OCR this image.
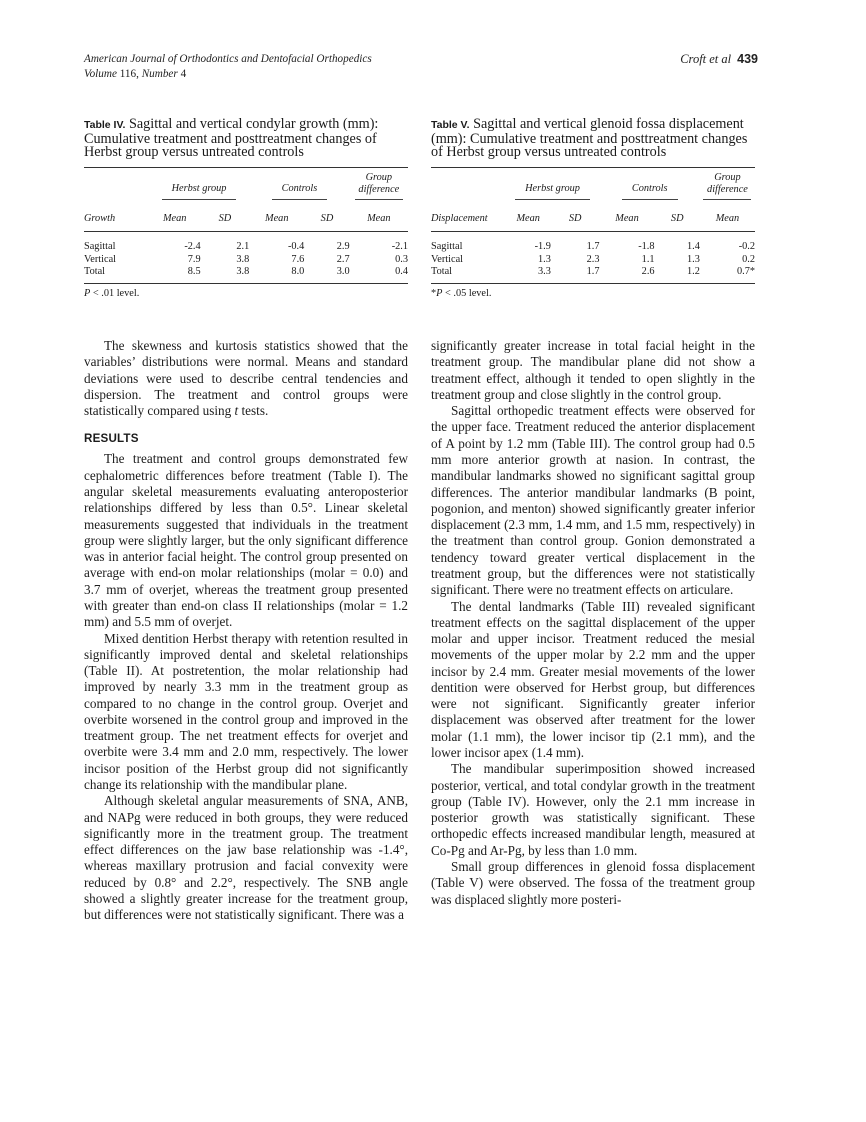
American Journal of Orthodontics and Dentofacial Orthopedics
Volume 116, Number 4
Croft et al 439
Table IV. Sagittal and vertical condylar growth (mm): Cumulative treatment and posttreatment changes of Herbst group versus untreated controls

	Herbst group		Controls		Group difference
Growth	Mean	SD	Mean	SD	Mean
Sagittal	-2.4	2.1	-0.4	2.9	-2.1
Vertical	7.9	3.8	7.6	2.7	0.3
Total	8.5	3.8	8.0	3.0	0.4
P < .01 level.
Table V. Sagittal and vertical glenoid fossa displacement (mm): Cumulative treatment and posttreatment changes of Herbst group versus untreated controls

	Herbst group		Controls		Group difference
Displacement	Mean	SD	Mean	SD	Mean
Sagittal	-1.9	1.7	-1.8	1.4	-0.2
Vertical	1.3	2.3	1.1	1.3	0.2
Total	3.3	1.7	2.6	1.2	0.7*
*P < .05 level.

The skewness and kurtosis statistics showed that the variables’ distributions were normal. Means and standard deviations were used to describe central tendencies and dispersion. The treatment and control groups were statistically compared using t tests.

RESULTS

The treatment and control groups demonstrated few cephalometric differences before treatment (Table I). The angular skeletal measurements evaluating anteroposterior relationships differed by less than 0.5°. Linear skeletal measurements suggested that individuals in the treatment group were slightly larger, but the only significant difference was in anterior facial height. The control group presented on average with end-on molar relationships (molar = 0.0) and 3.7 mm of overjet, whereas the treatment group presented with greater than end-on class II relationships (molar = 1.2 mm) and 5.5 mm of overjet.

Mixed dentition Herbst therapy with retention resulted in significantly improved dental and skeletal relationships (Table II). At postretention, the molar relationship had improved by nearly 3.3 mm in the treatment group as compared to no change in the control group. Overjet and overbite worsened in the control group and improved in the treatment group. The net treatment effects for overjet and overbite were 3.4 mm and 2.0 mm, respectively. The lower incisor position of the Herbst group did not significantly change its relationship with the mandibular plane.

Although skeletal angular measurements of SNA, ANB, and NAPg were reduced in both groups, they were reduced significantly more in the treatment group. The treatment effect differences on the jaw base relationship was -1.4°, whereas maxillary protrusion and facial convexity were reduced by 0.8° and 2.2°, respectively. The SNB angle showed a slightly greater increase for the treatment group, but differences were not statistically significant. There was a

significantly greater increase in total facial height in the treatment group. The mandibular plane did not show a treatment effect, although it tended to open slightly in the treatment group and close slightly in the control group.

Sagittal orthopedic treatment effects were observed for the upper face. Treatment reduced the anterior displacement of A point by 1.2 mm (Table III). The control group had 0.5 mm more anterior growth at nasion. In contrast, the mandibular landmarks showed no significant sagittal group differences. The anterior mandibular landmarks (B point, pogonion, and menton) showed significantly greater inferior displacement (2.3 mm, 1.4 mm, and 1.5 mm, respectively) in the treatment than control group. Gonion demonstrated a tendency toward greater vertical displacement in the treatment group, but the differences were not statistically significant. There were no treatment effects on articulare.

The dental landmarks (Table III) revealed significant treatment effects on the sagittal displacement of the upper molar and upper incisor. Treatment reduced the mesial movements of the upper molar by 2.2 mm and the upper incisor by 2.4 mm. Greater mesial movements of the lower dentition were observed for Herbst group, but differences were not significant. Significantly greater inferior displacement was observed after treatment for the lower molar (1.1 mm), the lower incisor tip (2.1 mm), and the lower incisor apex (1.4 mm).

The mandibular superimposition showed increased posterior, vertical, and total condylar growth in the treatment group (Table IV). However, only the 2.1 mm increase in posterior growth was statistically significant. These orthopedic effects increased mandibular length, measured at Co-Pg and Ar-Pg, by less than 1.0 mm.

Small group differences in glenoid fossa displacement (Table V) were observed. The fossa of the treatment group was displaced slightly more posteri-
